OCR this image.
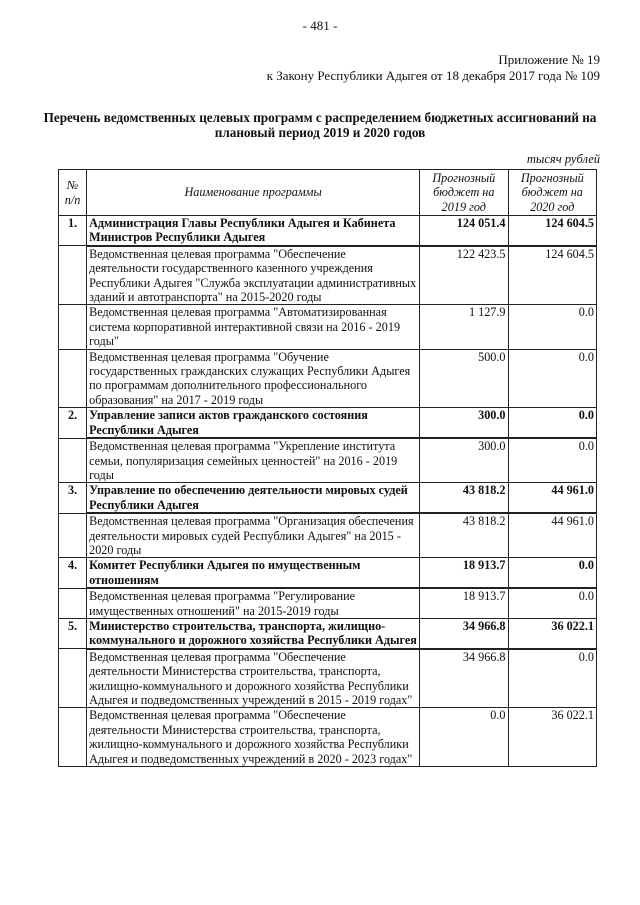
- 481 -
Приложение № 19
к Закону Республики Адыгея от 18 декабря 2017 года № 109
Перечень ведомственных целевых программ с распределением бюджетных ассигнований на плановый период 2019 и 2020 годов
тысяч рублей
№ п/п	Наименование программы	Прогнозный бюджет на 2019 год	Прогнозный бюджет на 2020 год
1.	Администрация Главы Республики Адыгея и Кабинета Министров Республики Адыгея	124 051.4	124 604.5
	Ведомственная целевая программа "Обеспечение деятельности государственного казенного учреждения Республики Адыгея "Служба эксплуатации административных зданий и автотранспорта" на 2015-2020 годы	122 423.5	124 604.5
	Ведомственная целевая программа "Автоматизированная система корпоративной интерактивной связи на 2016 - 2019 годы"	1 127.9	0.0
	Ведомственная целевая программа "Обучение государственных гражданских служащих Республики Адыгея по программам дополнительного профессионального образования" на 2017 - 2019 годы	500.0	0.0
2.	Управление записи актов гражданского состояния Республики Адыгея	300.0	0.0
	Ведомственная целевая программа "Укрепление института семьи, популяризация семейных ценностей" на 2016 - 2019 годы	300.0	0.0
3.	Управление по обеспечению деятельности мировых судей Республики Адыгея	43 818.2	44 961.0
	Ведомственная целевая программа "Организация обеспечения деятельности мировых судей Республики Адыгея" на 2015 - 2020 годы	43 818.2	44 961.0
4.	Комитет Республики Адыгея по имущественным отношениям	18 913.7	0.0
	Ведомственная целевая программа "Регулирование имущественных отношений" на 2015-2019 годы	18 913.7	0.0
5.	Министерство строительства, транспорта, жилищно-коммунального и дорожного хозяйства Республики Адыгея	34 966.8	36 022.1
	Ведомственная целевая программа "Обеспечение деятельности Министерства строительства, транспорта, жилищно-коммунального и дорожного хозяйства Республики Адыгея и подведомственных учреждений в 2015 - 2019 годах"	34 966.8	0.0
	Ведомственная целевая программа "Обеспечение деятельности Министерства строительства, транспорта, жилищно-коммунального и дорожного хозяйства Республики Адыгея и подведомственных учреждений в 2020 - 2023 годах"	0.0	36 022.1
